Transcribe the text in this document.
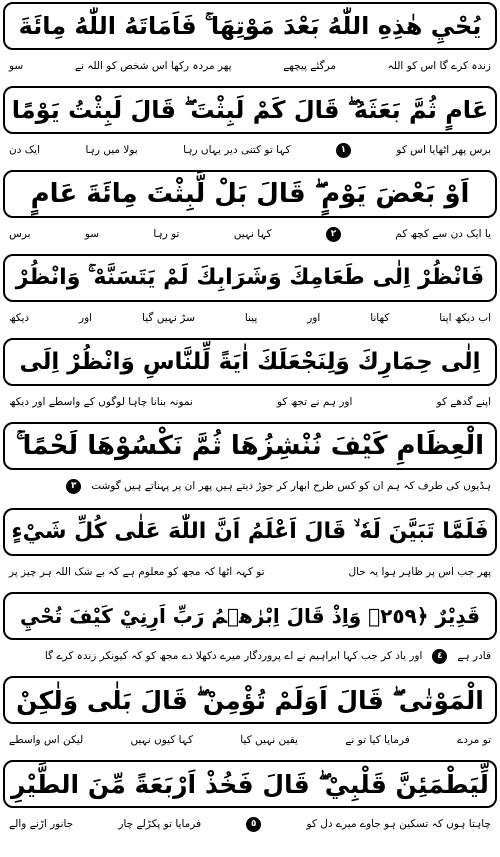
يُحْيِ هٰذِهِ اللّٰهُ بَعْدَ مَوْتِهَا ۚ فَاَمَاتَهُ اللّٰهُ مِائَةَ
زندہ کرے گا اس کو اللہ
مرگئے پیچھے
پھر مردہ رکھا اس شخص کو اللہ نے
سو
عَامٍ ثُمَّ بَعَثَهُ ۖ قَالَ كَمْ لَبِثْتَ ۖ قَالَ لَبِثْتُ يَوْمًا
برس پھر اٹھایا اس کو
١
کہا تو کتنی دیر یہاں رہا
بولا میں رہا
ایک دن
اَوْ بَعْضَ يَوْمٍ ۖ قَالَ بَلْ لَّبِثْتَ مِائَةَ عَامٍ
یا ایک دن سے کچھ کم
٢
کہا نہیں
تو رہا
سو
برس
فَانْظُرْ اِلٰى طَعَامِكَ وَشَرَابِكَ لَمْ يَتَسَنَّهْ ۚ وَانْظُرْ
اب دیکھ اپنا
کھانا
اور
پینا
سڑ نہیں گیا
اور
دیکھ
اِلٰى حِمَارِكَ وَلِنَجْعَلَكَ اٰيَةً لِّلنَّاسِ وَانْظُرْ اِلَى
اپنے گدھے کو
اور ہم نے تجھ کو
نمونہ بنانا چاہا لوگوں کے واسطے اور دیکھ
الْعِظَامِ كَيْفَ نُنْشِزُهَا ثُمَّ نَكْسُوْهَا لَحْمًا ۚ
ہڈیوں کی طرف کہ ہم ان کو کس طرح ابھار کر جوڑ دیتے ہیں پھر ان پر پہناتے ہیں گوشت
٣
فَلَمَّا تَبَيَّنَ لَهٗ ۙ قَالَ اَعْلَمُ اَنَّ اللّٰهَ عَلٰى كُلِّ شَيْءٍ
پھر جب اس پر ظاہر ہوا یہ حال
تو کہہ اٹھا کہ مجھ کو معلوم ہے کہ بے شک اللہ ہر چیز پر
قَدِيْرٌ ﴿٢٥٩﴾ وَاِذْ قَالَ اِبْرٰهٖمُ رَبِّ اَرِنِيْ كَيْفَ تُحْيِ
قادر ہے
٤
اور یاد کر جب کہا ابراہیم نے اے پروردگار میرے دکھلا دے مجھ کو کہ کیونکر زندہ کرے گا
الْمَوْتٰى ۖ قَالَ اَوَلَمْ تُؤْمِنْ ۖ قَالَ بَلٰى وَلٰكِنْ
تو مردے
فرمایا کیا تو نے
یقین نہیں کیا
کہا کیوں نہیں
لیکن اس واسطے
لِّيَطْمَئِنَّ قَلْبِيْ ۖ قَالَ فَخُذْ اَرْبَعَةً مِّنَ الطَّيْرِ
چاہتا ہوں کہ تسکین ہو جاوے میرے دل کو
٥
فرمایا تو پکڑلے چار
جانور اڑنے والے
